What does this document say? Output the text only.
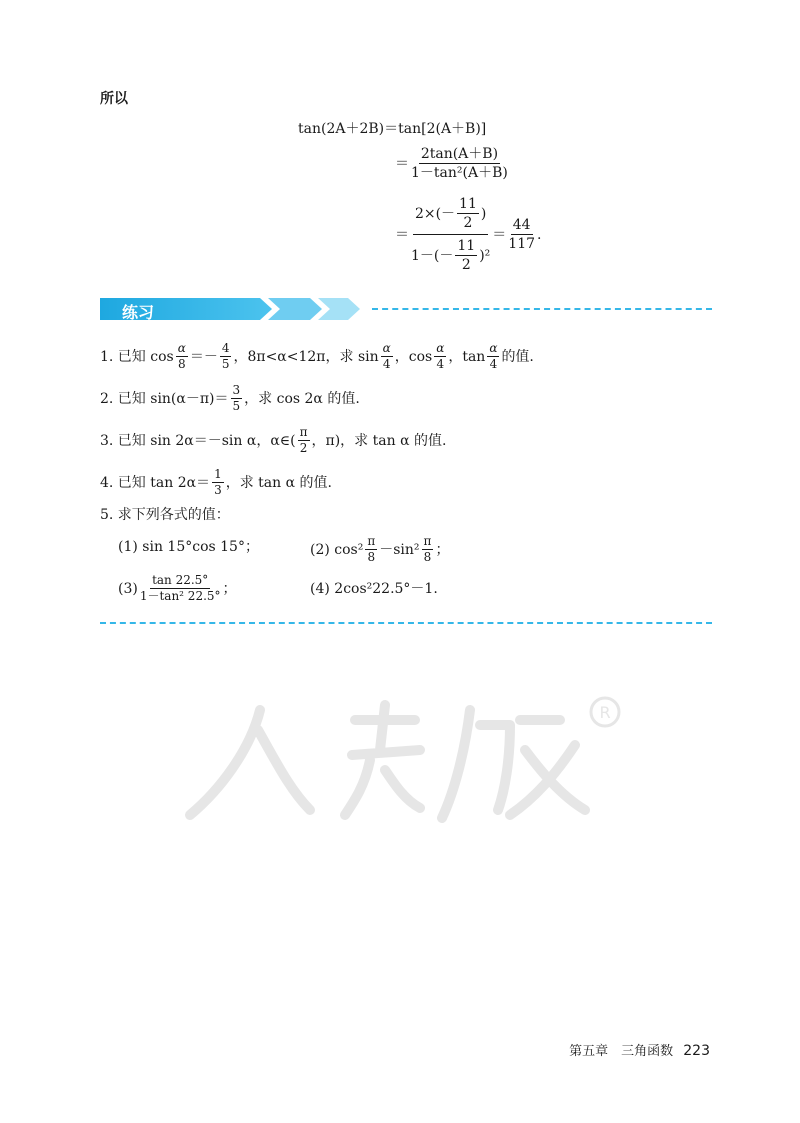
所以
tan(2A＋2B)＝tan[2(A＋B)]
＝ $\frac{2\tan(A+B)}{\text{1－tan²(A＋B)}}$
＝ $\frac{2\times(- \frac{11}{2} )}{1-(- \frac{11}{2} )^2} = \frac{44}{117}$ .
练习
1. 已知 $\cos \frac{\alpha}{8} =- \frac{4}{5}$ ，8π<α<12π，求 $\sin \frac{\alpha}{4}$ ，$\cos \frac{\alpha}{4}$ ，$\tan \frac{\alpha}{4}$ 的值.
2. 已知 $\sin(\alpha-\pi)= \frac{3}{5}$ ，求 cos 2α 的值.
3. 已知 sin 2α＝－sin α，α∈( $\frac{\pi}{2}$ ，π)，求 tan α 的值.
4. 已知 $\tan 2\alpha= \frac{1}{3}$ ，求 tan α 的值.
5. 求下列各式的值：
(1) sin 15°cos 15°；	(2) $\cos^2 \frac{\pi}{8} -\sin^2 \frac{\pi}{8}$ ；
$(3) \frac{\tan 22.5^\circ}{\text{1－tan² 22.5°}}$ ；	(4) 2cos²22.5°－1.
R
第五章　三角函数 223
